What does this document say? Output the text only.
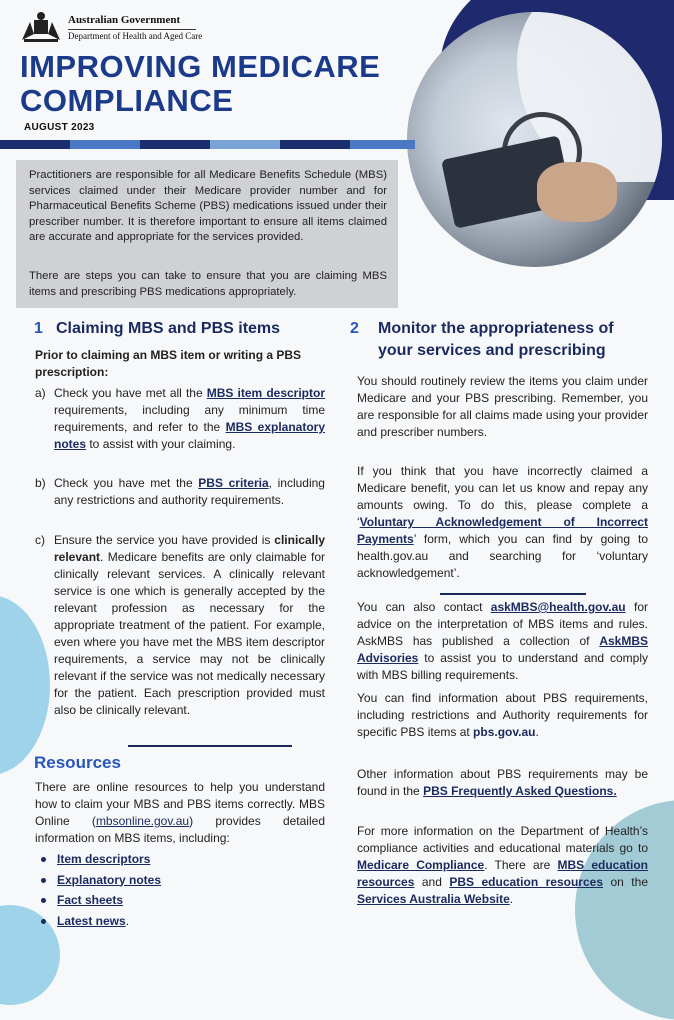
Australian Government
Department of Health and Aged Care
IMPROVING MEDICARE
COMPLIANCE
AUGUST 2023

Practitioners are responsible for all Medicare Benefits Schedule (MBS) services claimed under their Medicare provider number and for Pharmaceutical Benefits Scheme (PBS) medications issued under their prescriber number. It is therefore important to ensure all items claimed are accurate and appropriate for the services provided.

There are steps you can take to ensure that you are claiming MBS items and prescribing PBS medications appropriately.

1 Claiming MBS and PBS items
Prior to claiming an MBS item or writing a PBS prescription:
a) Check you have met all the MBS item descriptor requirements, including any minimum time requirements, and refer to the MBS explanatory notes to assist with your claiming.
b) Check you have met the PBS criteria, including any restrictions and authority requirements.
c) Ensure the service you have provided is clinically relevant. Medicare benefits are only claimable for clinically relevant services. A clinically relevant service is one which is generally accepted by the relevant profession as necessary for the appropriate treatment of the patient. For example, even where you have met the MBS item descriptor requirements, a service may not be clinically relevant if the service was not medically necessary for the patient. Each prescription provided must also be clinically relevant.
Resources
There are online resources to help you understand how to claim your MBS and PBS items correctly. MBS Online (mbsonline.gov.au) provides detailed information on MBS items, including:
Item descriptors
Explanatory notes
Fact sheets
Latest news.
2 Monitor the appropriateness of
your services and prescribing
You should routinely review the items you claim under Medicare and your PBS prescribing. Remember, you are responsible for all claims made using your provider and prescriber numbers.
If you think that you have incorrectly claimed a Medicare benefit, you can let us know and repay any amounts owing. To do this, please complete a ‘Voluntary Acknowledgement of Incorrect Payments’ form, which you can find by going to health.gov.au and searching for ‘voluntary acknowledgement’.
You can also contact askMBS@health.gov.au for advice on the interpretation of MBS items and rules. AskMBS has published a collection of AskMBS Advisories to assist you to understand and comply with MBS billing requirements.
You can find information about PBS requirements, including restrictions and Authority requirements for specific PBS items at pbs.gov.au.
Other information about PBS requirements may be found in the PBS Frequently Asked Questions.
For more information on the Department of Health’s compliance activities and educational materials go to Medicare Compliance. There are MBS education resources and PBS education resources on the Services Australia Website.
